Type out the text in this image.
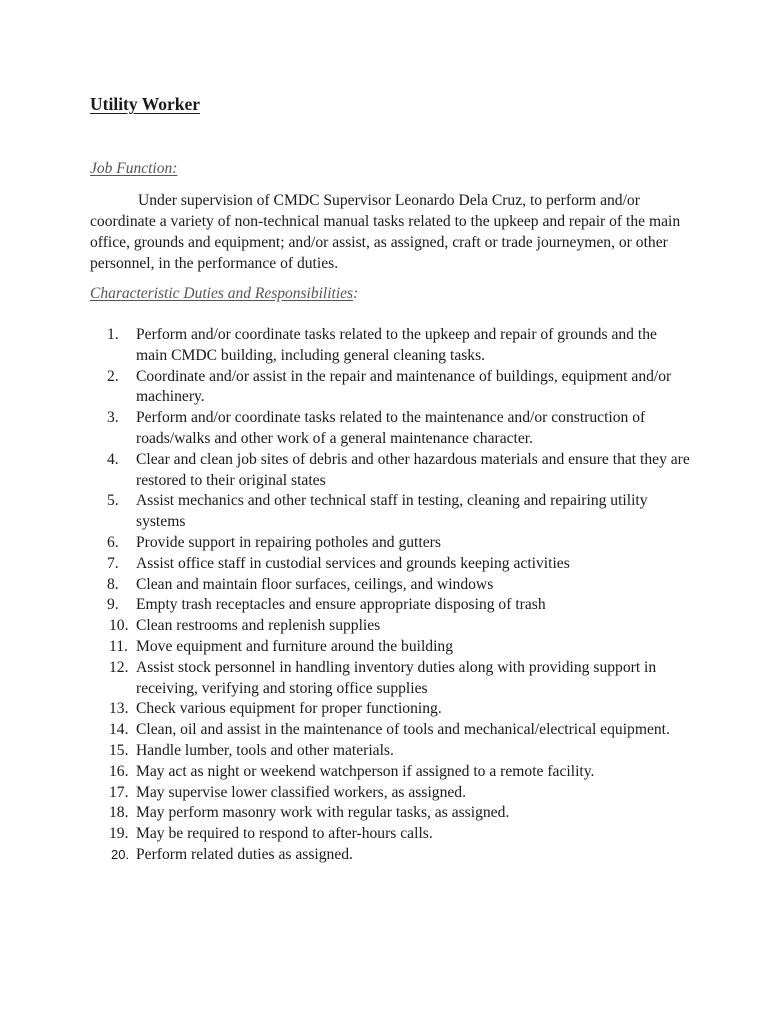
Utility Worker

Job Function:

Under supervision of CMDC Supervisor Leonardo Dela Cruz, to perform and/or coordinate a variety of non-technical manual tasks related to the upkeep and repair of the main office, grounds and equipment; and/or assist, as assigned, craft or trade journeymen, or other personnel, in the performance of duties.

Characteristic Duties and Responsibilities:

1. Perform and/or coordinate tasks related to the upkeep and repair of grounds and the main CMDC building, including general cleaning tasks.
2. Coordinate and/or assist in the repair and maintenance of buildings, equipment and/or machinery.
3. Perform and/or coordinate tasks related to the maintenance and/or construction of roads/walks and other work of a general maintenance character.
4. Clear and clean job sites of debris and other hazardous materials and ensure that they are restored to their original states
5. Assist mechanics and other technical staff in testing, cleaning and repairing utility systems
6. Provide support in repairing potholes and gutters
7. Assist office staff in custodial services and grounds keeping activities
8. Clean and maintain floor surfaces, ceilings, and windows
9. Empty trash receptacles and ensure appropriate disposing of trash
10. Clean restrooms and replenish supplies
11. Move equipment and furniture around the building
12. Assist stock personnel in handling inventory duties along with providing support in receiving, verifying and storing office supplies
13. Check various equipment for proper functioning.
14. Clean, oil and assist in the maintenance of tools and mechanical/electrical equipment.
15. Handle lumber, tools and other materials.
16. May act as night or weekend watchperson if assigned to a remote facility.
17. May supervise lower classified workers, as assigned.
18. May perform masonry work with regular tasks, as assigned.
19. May be required to respond to after-hours calls.
20. Perform related duties as assigned.
